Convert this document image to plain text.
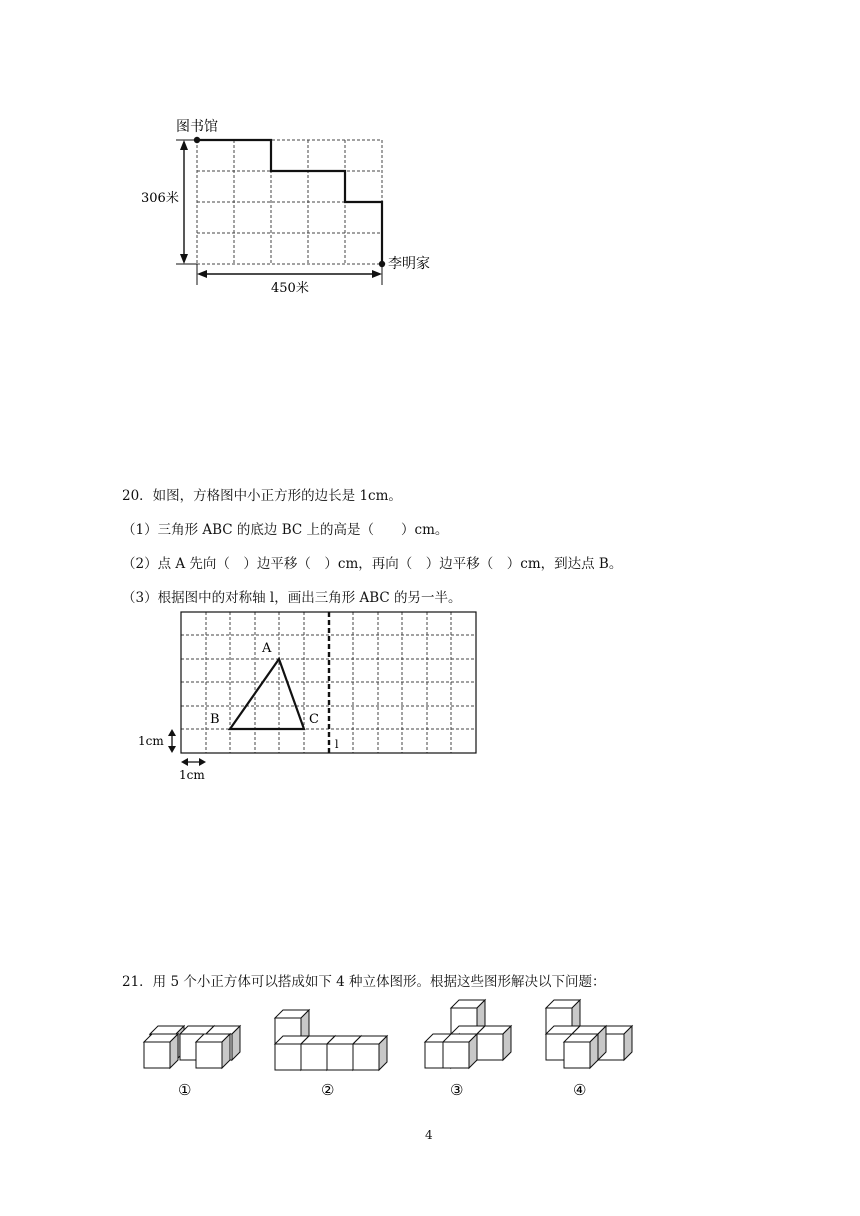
图书馆
李明家
306米
450米
20．如图，方格图中小正方形的边长是 1cm。
（1）三角形 ABC 的底边 BC 上的高是（　　）cm。
（2）点 A 先向（　）边平移（　）cm，再向（　）边平移（　）cm，到达点 B。
（3）根据图中的对称轴 l，画出三角形 ABC 的另一半。
A
B	C
l
1cm
1cm
21．用 5 个小正方体可以搭成如下 4 种立体图形。根据这些图形解决以下问题：
①	②	③	④
4
